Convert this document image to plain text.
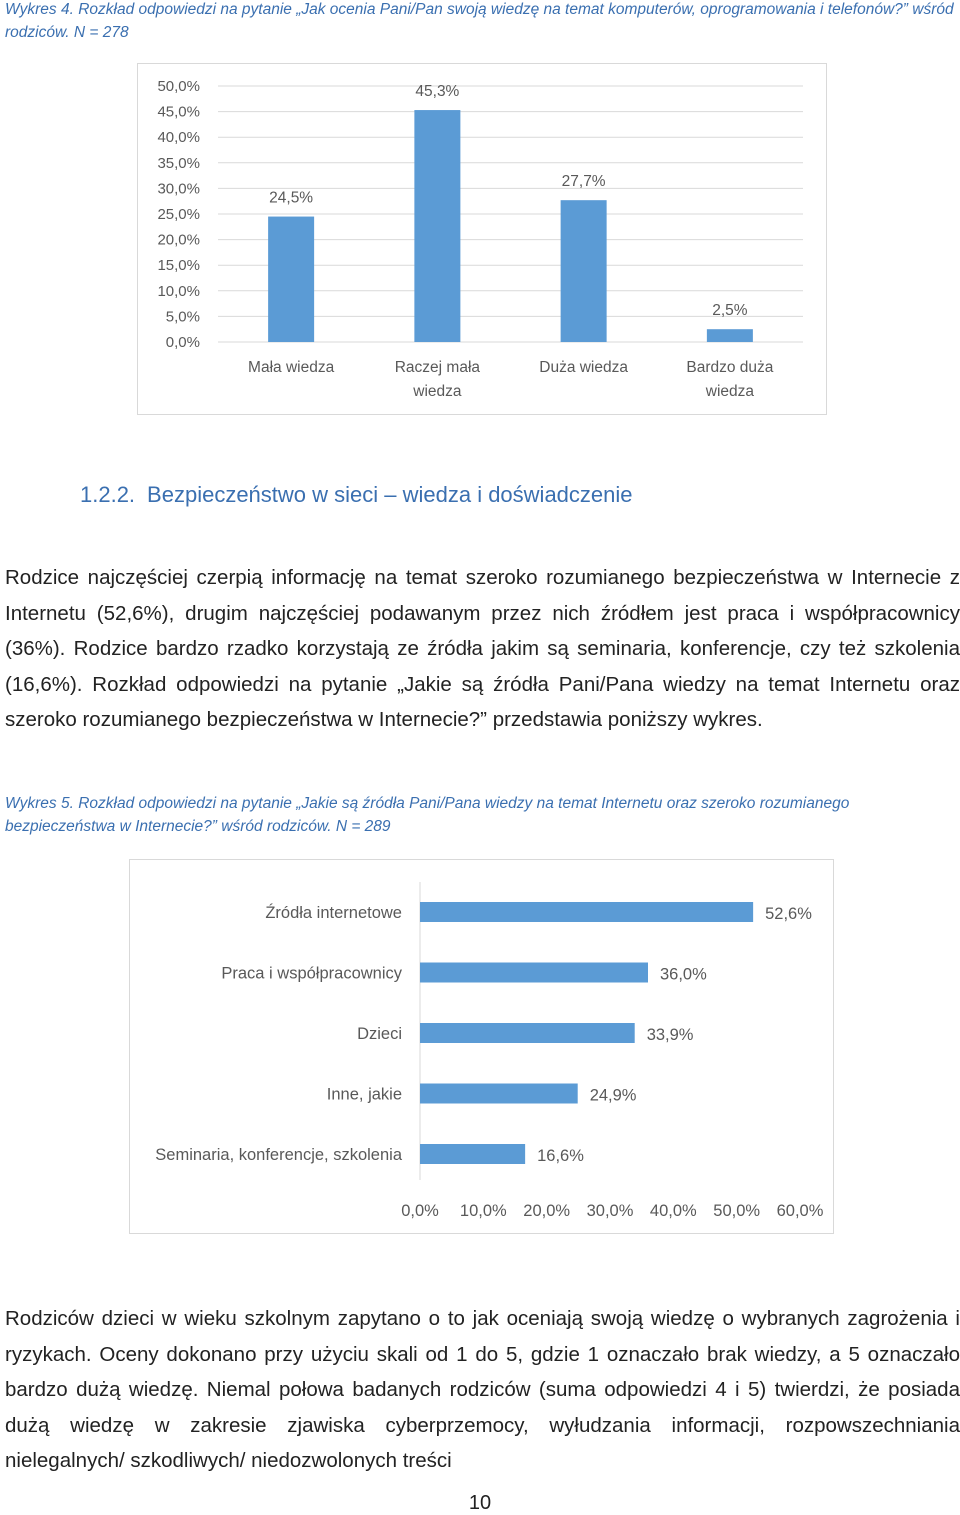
Wykres 4. Rozkład odpowiedzi na pytanie „Jak ocenia Pani/Pan swoją wiedzę na temat komputerów, oprogramowania i telefonów?” wśród rodziców. N = 278
0,0%
5,0%
10,0%
15,0%
20,0%
25,0%
30,0%
35,0%
40,0%
45,0%
50,0%
24,5%
Mała wiedza
45,3%
Raczej mała
wiedza
27,7%
Duża wiedza
2,5%
Bardzo duża
wiedza
1.2.2. Bezpieczeństwo w sieci – wiedza i doświadczenie
Rodzice najczęściej czerpią informację na temat szeroko rozumianego bezpieczeństwa w Internecie z Internetu (52,6%), drugim najczęściej podawanym przez nich źródłem jest praca i współpracownicy (36%). Rodzice bardzo rzadko korzystają ze źródła jakim są seminaria, konferencje, czy też szkolenia (16,6%). Rozkład odpowiedzi na pytanie „Jakie są źródła Pani/Pana wiedzy na temat Internetu oraz szeroko rozumianego bezpieczeństwa w Internecie?” przedstawia poniższy wykres.
Wykres 5. Rozkład odpowiedzi na pytanie „Jakie są źródła Pani/Pana wiedzy na temat Internetu oraz szeroko rozumianego bezpieczeństwa w Internecie?” wśród rodziców. N = 289
52,6%
Źródła internetowe
36,0%
Praca i współpracownicy
33,9%
Dzieci
24,9%
Inne, jakie
16,6%
Seminaria, konferencje, szkolenia
0,0% 10,0% 20,0% 30,0% 40,0% 50,0% 60,0%
Rodziców dzieci w wieku szkolnym zapytano o to jak oceniają swoją wiedzę o wybranych zagrożenia i ryzykach. Oceny dokonano przy użyciu skali od 1 do 5, gdzie 1 oznaczało brak wiedzy, a 5 oznaczało bardzo dużą wiedzę. Niemal połowa badanych rodziców (suma odpowiedzi 4 i 5) twierdzi, że posiada dużą wiedzę w zakresie zjawiska cyberprzemocy, wyłudzania informacji, rozpowszechniania nielegalnych/ szkodliwych/ niedozwolonych treści
10
